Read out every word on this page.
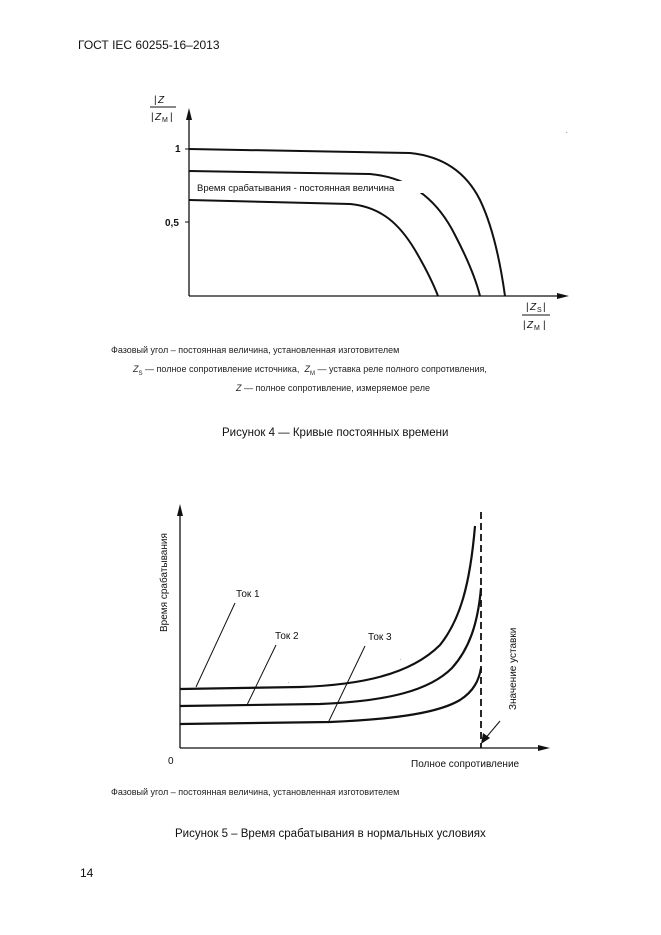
ГОСТ IEC 60255-16–2013
| Z
| Z M |
1
0,5
Время срабатывания - постоянная величина
| Z S |
| Z M |
.
Ток 1
Ток 2	Ток 3
Время срабатывания
Значение уставки
0	Полное сопротивление
.
.
Фазовый угол – постоянная величина, установленная изготовителем
$Z_S$ — полное сопротивление источника, $Z_M$ — уставка реле полного сопротивления,
Z — полное сопротивление, измеряемое реле
Рисунок 4 — Кривые постоянных времени
Фазовый угол – постоянная величина, установленная изготовителем
Рисунок 5 – Время срабатывания в нормальных условиях
14
